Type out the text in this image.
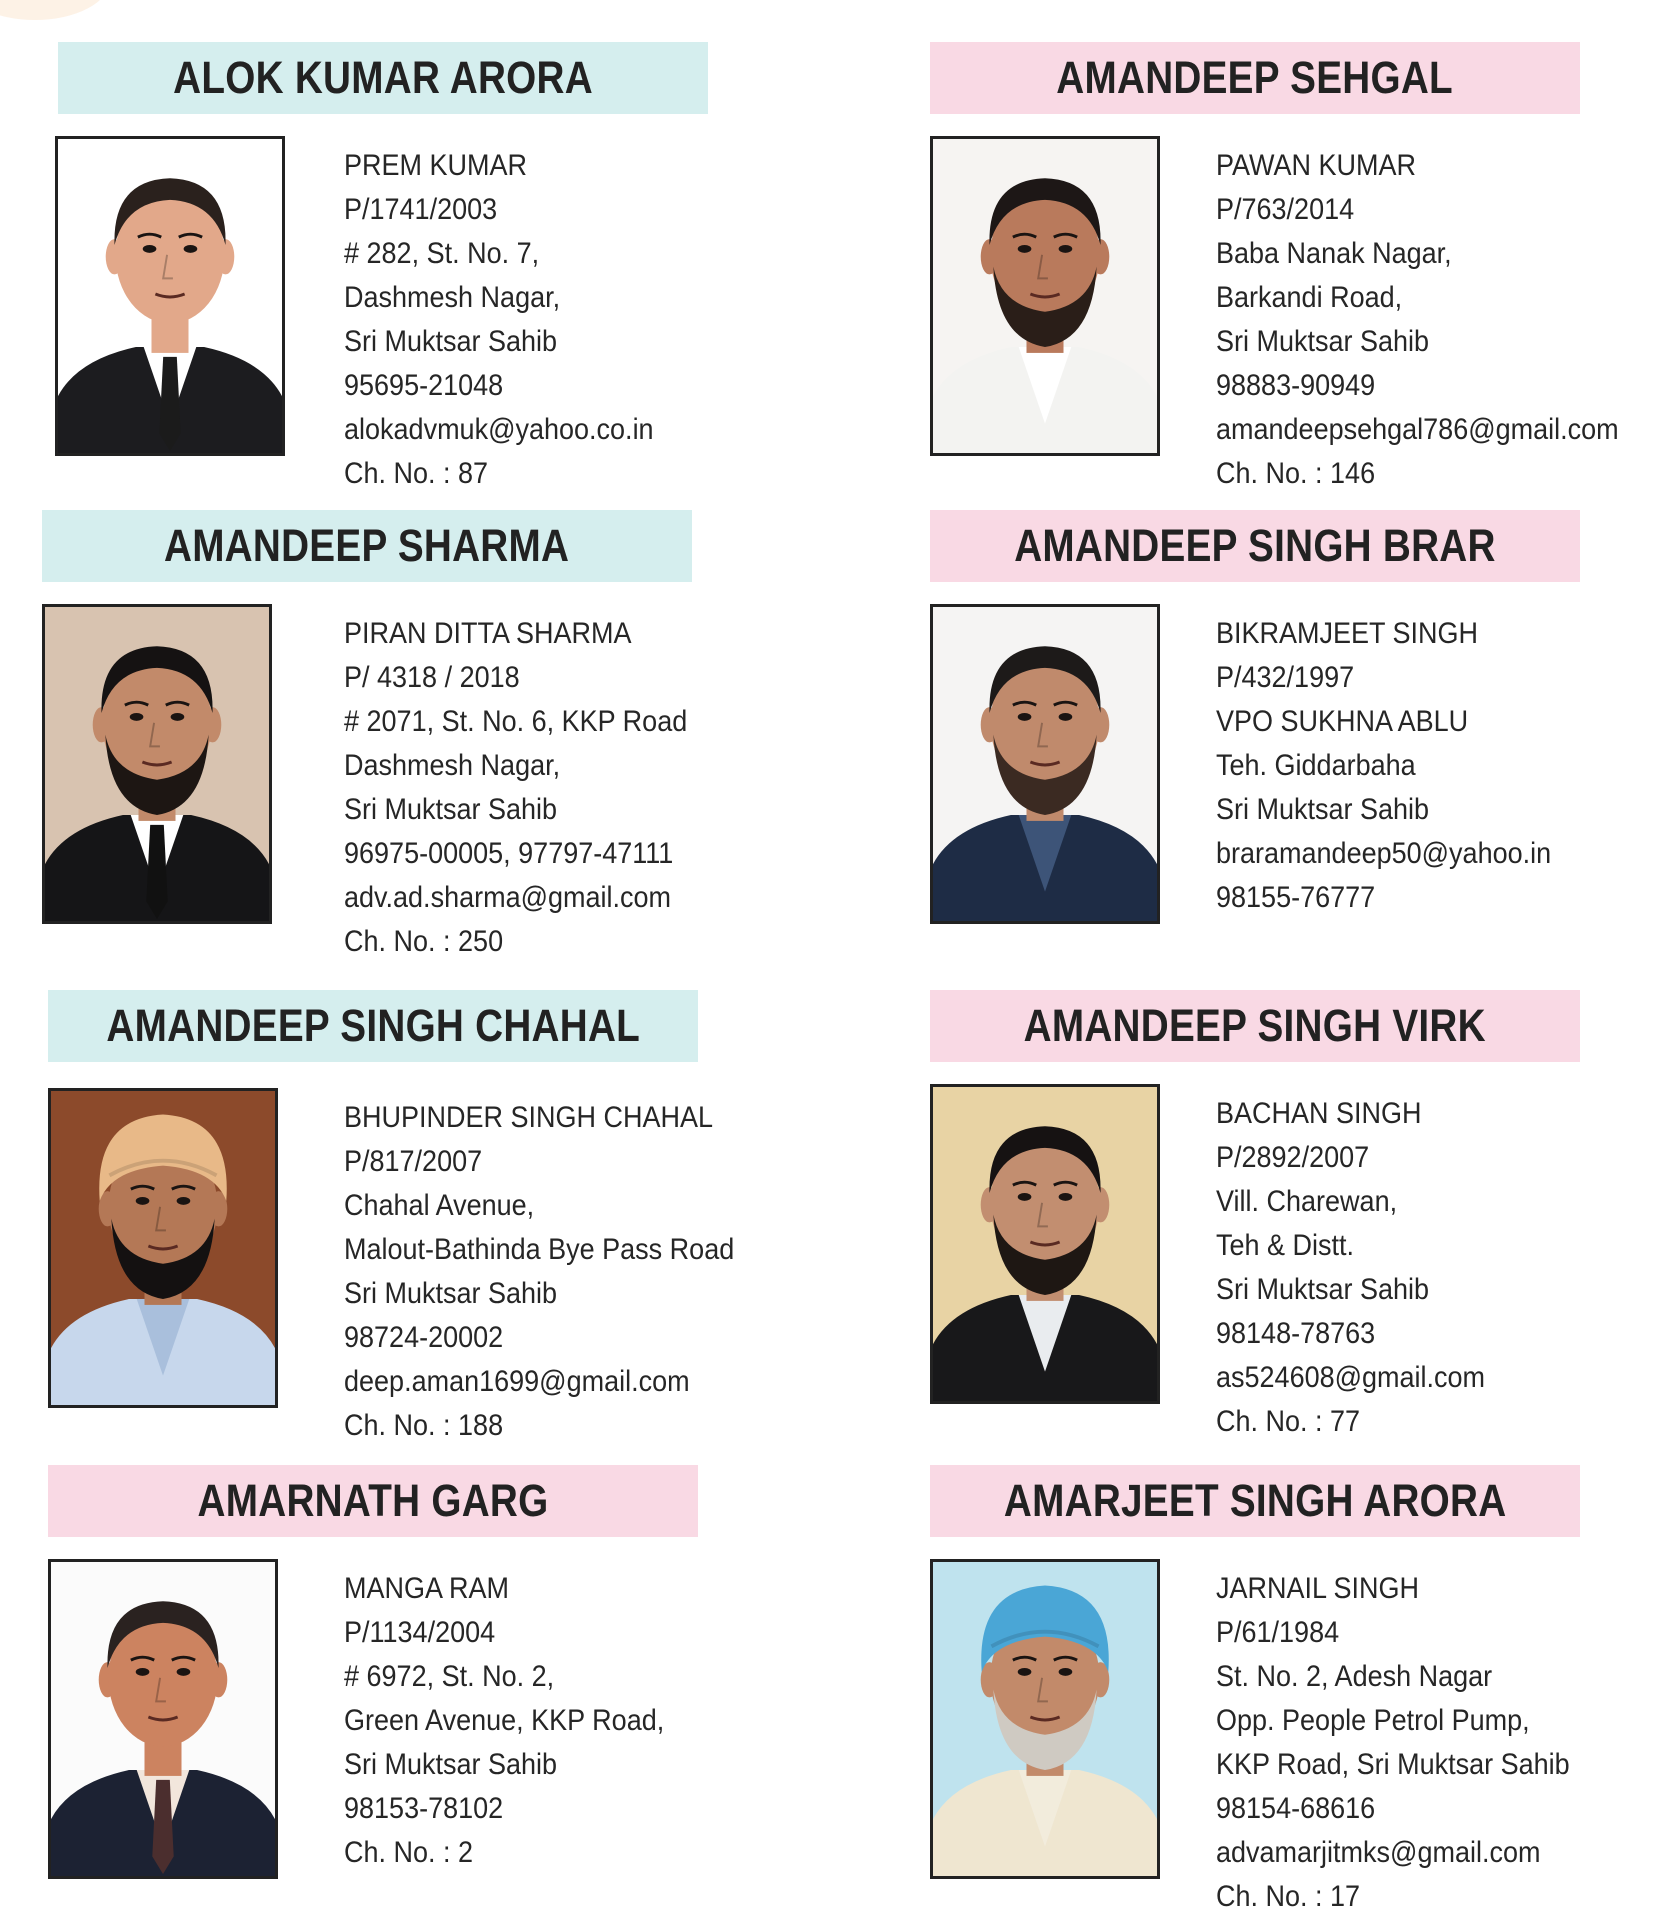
ALOK KUMAR ARORA
PREM KUMAR
P/1741/2003
# 282, St. No. 7,
Dashmesh Nagar,
Sri Muktsar Sahib
95695-21048
alokadvmuk@yahoo.co.in
Ch. No. : 87
AMANDEEP SEHGAL
PAWAN KUMAR
P/763/2014
Baba Nanak Nagar,
Barkandi Road,
Sri Muktsar Sahib
98883-90949
amandeepsehgal786@gmail.com
Ch. No. : 146
AMANDEEP SHARMA
PIRAN DITTA SHARMA
P/ 4318 / 2018
# 2071, St. No. 6, KKP Road
Dashmesh Nagar,
Sri Muktsar Sahib
96975-00005, 97797-47111
adv.ad.sharma@gmail.com
Ch. No. : 250
AMANDEEP SINGH BRAR
BIKRAMJEET SINGH
P/432/1997
VPO SUKHNA ABLU
Teh. Giddarbaha
Sri Muktsar Sahib
braramandeep50@yahoo.in
98155-76777
AMANDEEP SINGH CHAHAL
BHUPINDER SINGH CHAHAL
P/817/2007
Chahal Avenue,
Malout-Bathinda Bye Pass Road
Sri Muktsar Sahib
98724-20002
deep.aman1699@gmail.com
Ch. No. : 188
AMANDEEP SINGH VIRK
BACHAN SINGH
P/2892/2007
Vill. Charewan,
Teh & Distt.
Sri Muktsar Sahib
98148-78763
as524608@gmail.com
Ch. No. : 77
AMARNATH GARG
MANGA RAM
P/1134/2004
# 6972, St. No. 2,
Green Avenue, KKP Road,
Sri Muktsar Sahib
98153-78102
Ch. No. : 2
AMARJEET SINGH ARORA
JARNAIL SINGH
P/61/1984
St. No. 2, Adesh Nagar
Opp. People Petrol Pump,
KKP Road, Sri Muktsar Sahib
98154-68616
advamarjitmks@gmail.com
Ch. No. : 17
